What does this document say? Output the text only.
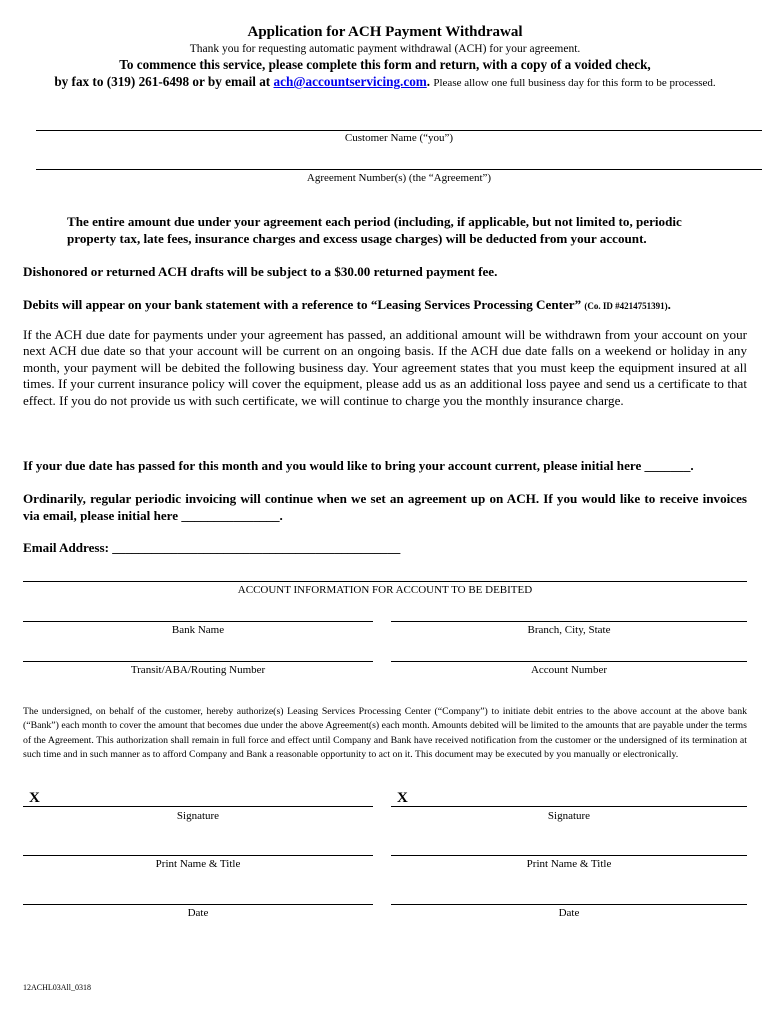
Application for ACH Payment Withdrawal
Thank you for requesting automatic payment withdrawal (ACH) for your agreement.
To commence this service, please complete this form and return, with a copy of a voided check,
by fax to (319) 261-6498 or by email at ach@accountservicing.com. Please allow one full business day for this form to be processed.
Customer Name (“you”)
Agreement Number(s) (the “Agreement”)
The entire amount due under your agreement each period (including, if applicable, but not limited to, periodic property tax, late fees, insurance charges and excess usage charges) will be deducted from your account.
Dishonored or returned ACH drafts will be subject to a $30.00 returned payment fee.
Debits will appear on your bank statement with a reference to “Leasing Services Processing Center” (Co. ID #4214751391).
If the ACH due date for payments under your agreement has passed, an additional amount will be withdrawn from your account on your next ACH due date so that your account will be current on an ongoing basis. If the ACH due date falls on a weekend or holiday in any month, your payment will be debited the following business day. Your agreement states that you must keep the equipment insured at all times. If your current insurance policy will cover the equipment, please add us as an additional loss payee and send us a certificate to that effect. If you do not provide us with such certificate, we will continue to charge you the monthly insurance charge.
If your due date has passed for this month and you would like to bring your account current, please initial here _______.
Ordinarily, regular periodic invoicing will continue when we set an agreement up on ACH. If you would like to receive invoices via email, please initial here _______________.
Email Address: ____________________________________________
ACCOUNT INFORMATION FOR ACCOUNT TO BE DEBITED
Bank Name	Branch, City, State
Transit/ABA/Routing Number	Account Number
The undersigned, on behalf of the customer, hereby authorize(s) Leasing Services Processing Center (“Company”) to initiate debit entries to the above account at the above bank (“Bank”) each month to cover the amount that becomes due under the above Agreement(s) each month. Amounts debited will be limited to the amounts that are payable under the terms of the Agreement. This authorization shall remain in full force and effect until Company and Bank have received notification from the customer or the undersigned of its termination at such time and in such manner as to afford Company and Bank a reasonable opportunity to act on it. This document may be executed by you manually or electronically.
X	X
Signature	Signature
Print Name & Title	Print Name & Title
Date	Date
12ACHL03All_0318
